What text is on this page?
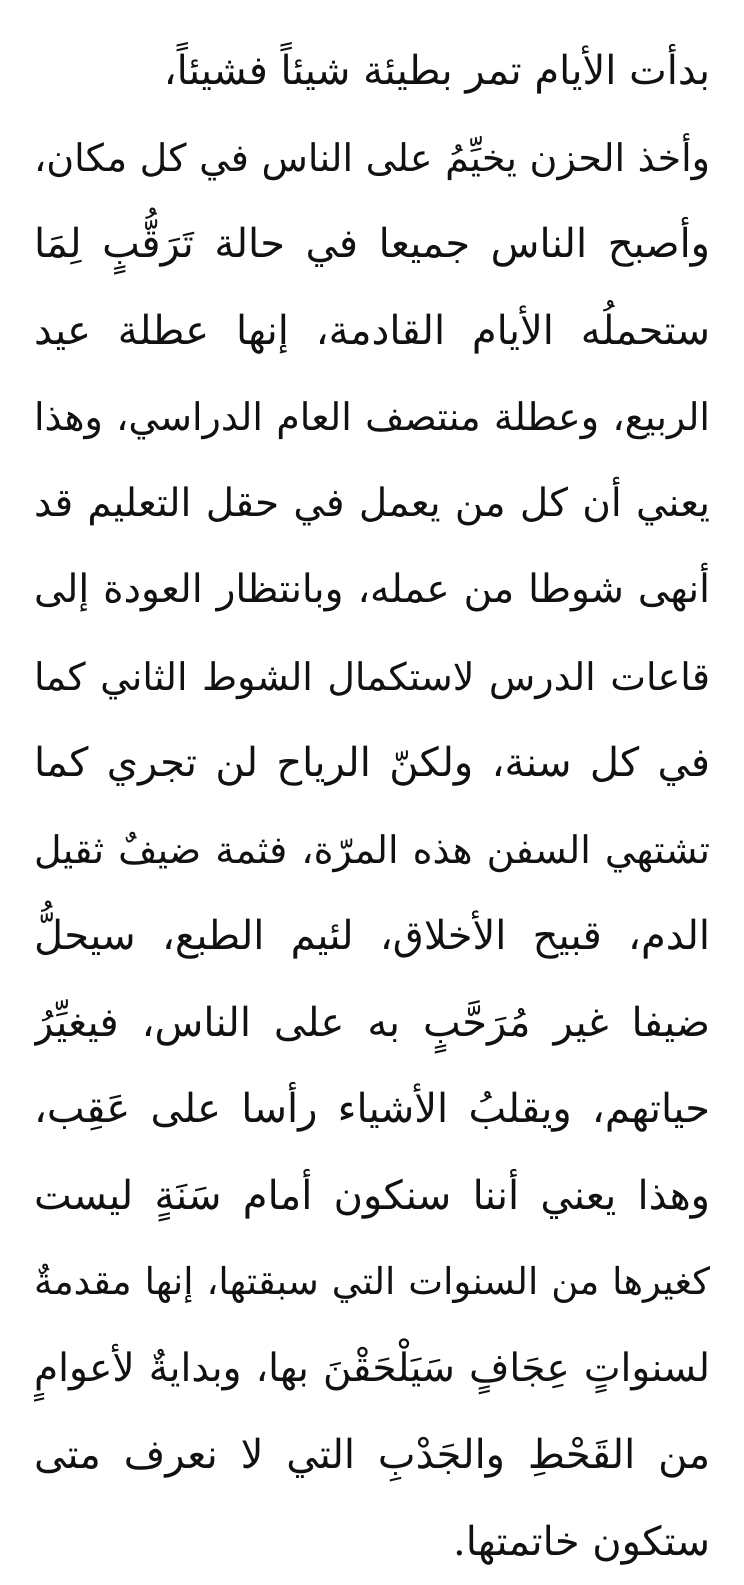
بدأت الأيام تمر بطيئة شيئاً فشيئاً،
وأخذ الحزن يخيِّمُ على الناس في كل مكان،
وأصبح الناس جميعا في حالة تَرَقُّبٍ لِمَا
ستحملُه الأيام القادمة، إنها عطلة عيد
الربيع، وعطلة منتصف العام الدراسي، وهذا
يعني أن كل من يعمل في حقل التعليم قد
أنهى شوطا من عمله، وبانتظار العودة إلى
قاعات الدرس لاستكمال الشوط الثاني كما
في كل سنة، ولكنّ الرياح لن تجري كما
تشتهي السفن هذه المرّة، فثمة ضيفٌ ثقيل
الدم، قبيح الأخلاق، لئيم الطبع، سيحلُّ
ضيفا غير مُرَحَّبٍ به على الناس، فيغيِّرُ
حياتهم، ويقلبُ الأشياء رأسا على عَقِب،
وهذا يعني أننا سنكون أمام سَنَةٍ ليست
كغيرها من السنوات التي سبقتها، إنها مقدمةٌ
لسنواتٍ عِجَافٍ سَيَلْحَقْنَ بها، وبدايةٌ لأعوامٍ
من القَحْطِ والجَدْبِ التي لا نعرف متى
ستكون خاتمتها.
